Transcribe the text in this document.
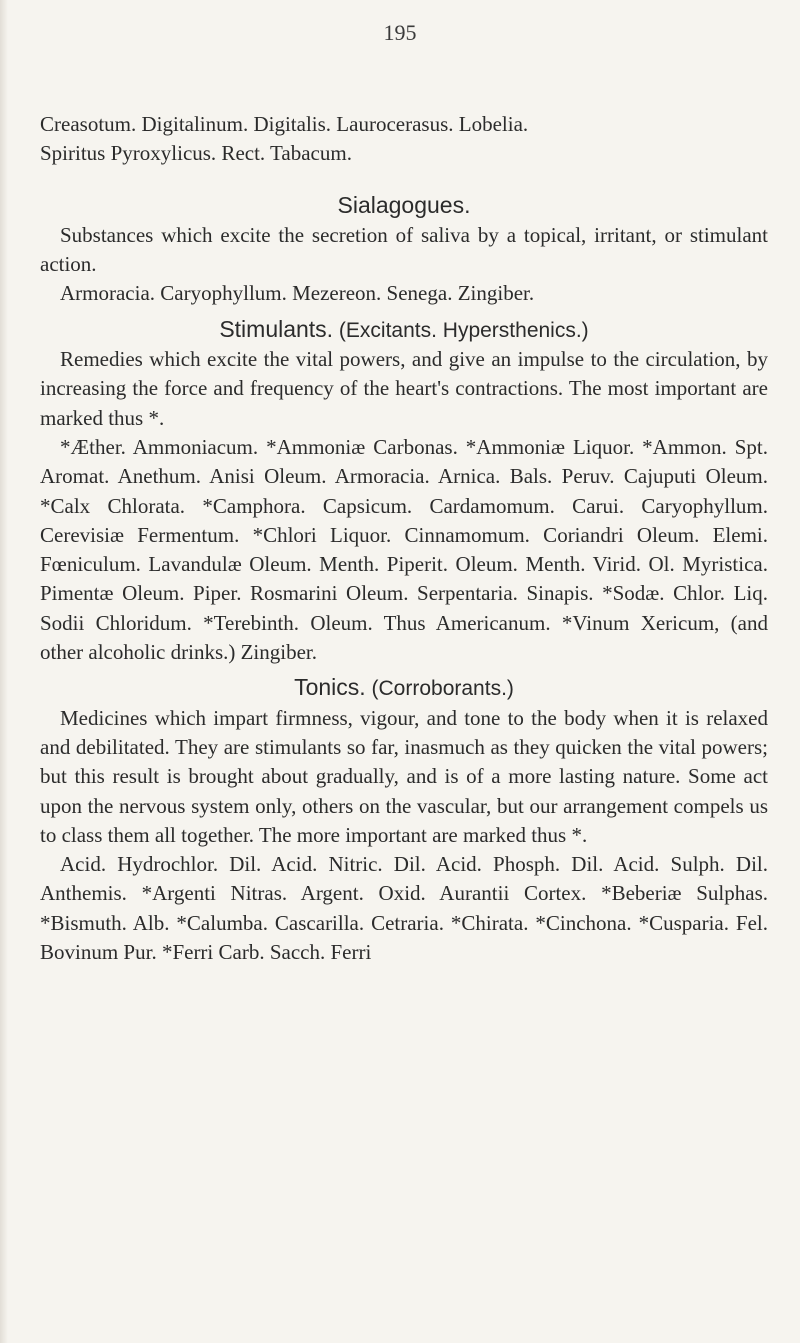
195

Creasotum. Digitalinum. Digitalis. Laurocerasus. Lobelia.

Spiritus Pyroxylicus. Rect. Tabacum.

Sialagogues.

Substances which excite the secretion of saliva by a topical, irritant, or stimulant action.

Armoracia. Caryophyllum. Mezereon. Senega. Zingiber.

Stimulants. (Excitants. Hypersthenics.)

Remedies which excite the vital powers, and give an impulse to the circulation, by increasing the force and frequency of the heart's contractions. The most important are marked thus *.

*Æther. Ammoniacum. *Ammoniæ Carbonas. *Ammoniæ Liquor. *Ammon. Spt. Aromat. Anethum. Anisi Oleum. Armoracia. Arnica. Bals. Peruv. Cajuputi Oleum. *Calx Chlorata. *Camphora. Capsicum. Cardamomum. Carui. Caryophyllum. Cerevisiæ Fermentum. *Chlori Liquor. Cinnamomum. Coriandri Oleum. Elemi. Fœniculum. Lavandulæ Oleum. Menth. Piperit. Oleum. Menth. Virid. Ol. Myristica. Pimentæ Oleum. Piper. Rosmarini Oleum. Serpentaria. Sinapis. *Sodæ. Chlor. Liq. Sodii Chloridum. *Terebinth. Oleum. Thus Americanum. *Vinum Xericum, (and other alcoholic drinks.) Zingiber.

Tonics. (Corroborants.)

Medicines which impart firmness, vigour, and tone to the body when it is relaxed and debilitated. They are stimulants so far, inasmuch as they quicken the vital powers; but this result is brought about gradually, and is of a more lasting nature. Some act upon the nervous system only, others on the vascular, but our arrangement compels us to class them all together. The more important are marked thus *.

Acid. Hydrochlor. Dil. Acid. Nitric. Dil. Acid. Phosph. Dil. Acid. Sulph. Dil. Anthemis. *Argenti Nitras. Argent. Oxid. Aurantii Cortex. *Beberiæ Sulphas. *Bismuth. Alb. *Calumba. Cascarilla. Cetraria. *Chirata. *Cinchona. *Cusparia. Fel. Bovinum Pur. *Ferri Carb. Sacch. Ferri
